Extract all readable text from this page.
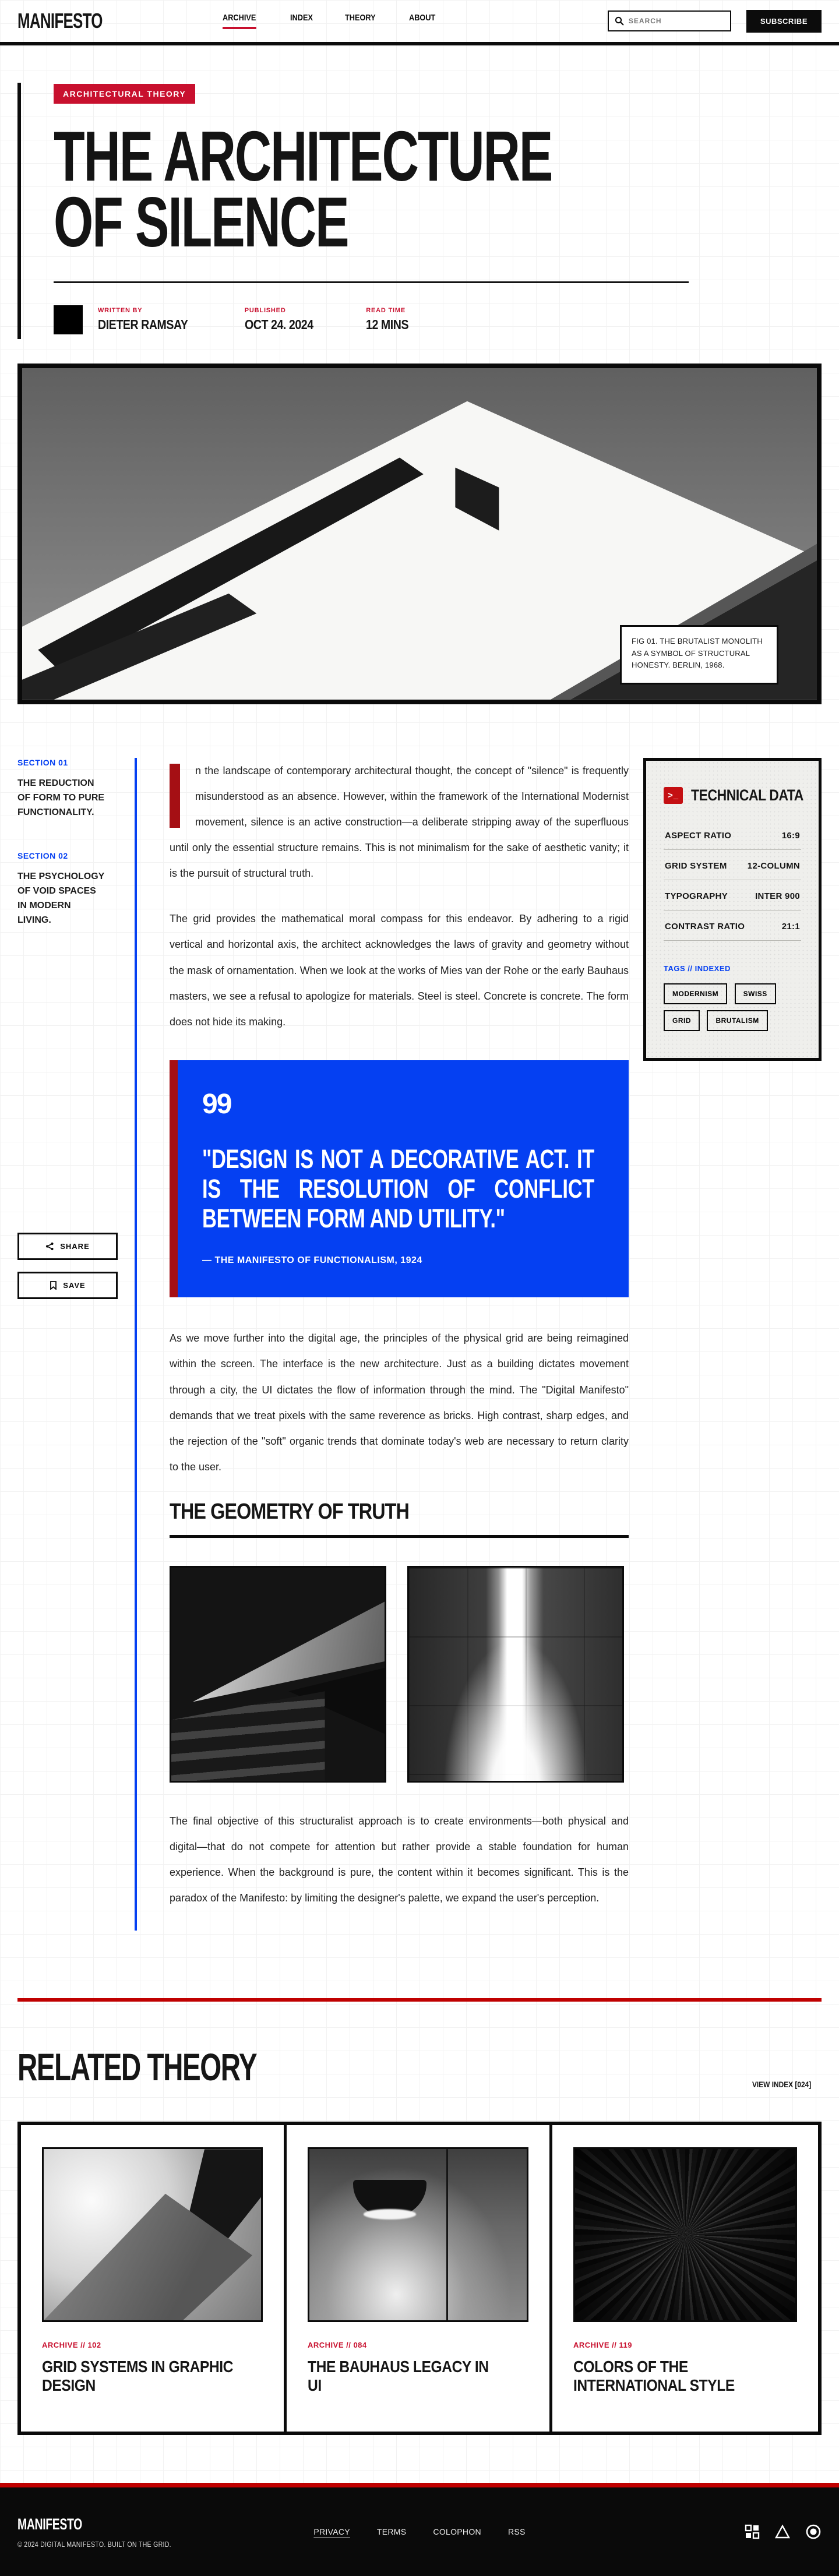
MANIFESTO	ARCHIVE	INDEX	THEORY	ABOUT
SEARCH	SUBSCRIBE
ARCHITECTURAL THEORY
THE ARCHITECTURE
OF SILENCE
WRITTEN BY
DIETER RAMSAY
PUBLISHED
OCT 24. 2024
READ TIME
12 MINS
FIG 01. THE BRUTALIST MONOLITH AS A SYMBOL OF STRUCTURAL HONESTY. BERLIN, 1968.
SECTION 01
THE REDUCTION OF FORM TO PURE FUNCTIONALITY.
SECTION 02
THE PSYCHOLOGY OF VOID SPACES IN MODERN LIVING.
SHARE
SAVE

n the landscape of contemporary architectural thought, the concept of "silence" is frequently misunderstood as an absence. However, within the framework of the International Modernist movement, silence is an active construction—a deliberate stripping away of the superfluous until only the essential structure remains. This is not minimalism for the sake of aesthetic vanity; it is the pursuit of structural truth.

The grid provides the mathematical moral compass for this endeavor. By adhering to a rigid vertical and horizontal axis, the architect acknowledges the laws of gravity and geometry without the mask of ornamentation. When we look at the works of Mies van der Rohe or the early Bauhaus masters, we see a refusal to apologize for materials. Steel is steel. Concrete is concrete. The form does not hide its making.

99
"DESIGN IS NOT A DECORATIVE ACT. IT IS THE RESOLUTION OF CONFLICT BETWEEN FORM AND UTILITY."
— THE MANIFESTO OF FUNCTIONALISM, 1924

As we move further into the digital age, the principles of the physical grid are being reimagined within the screen. The interface is the new architecture. Just as a building dictates movement through a city, the UI dictates the flow of information through the mind. The "Digital Manifesto" demands that we treat pixels with the same reverence as bricks. High contrast, sharp edges, and the rejection of the "soft" organic trends that dominate today's web are necessary to return clarity to the user.

THE GEOMETRY OF TRUTH

The final objective of this structuralist approach is to create environments—both physical and digital—that do not compete for attention but rather provide a stable foundation for human experience. When the background is pure, the content within it becomes significant. This is the paradox of the Manifesto: by limiting the designer's palette, we expand the user's perception.

>_ TECHNICAL DATA
ASPECT RATIO	16:9
GRID SYSTEM 12-COLUMN
TYPOGRAPHY	INTER 900
CONTRAST RATIO	21:1
TAGS // INDEXED
MODERNISM	SWISS GRID	BRUTALISM
RELATED THEORY	VIEW INDEX [024]
ARCHIVE // 102
GRID SYSTEMS IN GRAPHIC DESIGN
ARCHIVE // 084
THE BAUHAUS LEGACY IN UI
ARCHIVE // 119
COLORS OF THE INTERNATIONAL STYLE
MANIFESTO
© 2024 DIGITAL MANIFESTO. BUILT ON THE GRID.
PRIVACY	TERMS	COLOPHON	RSS
